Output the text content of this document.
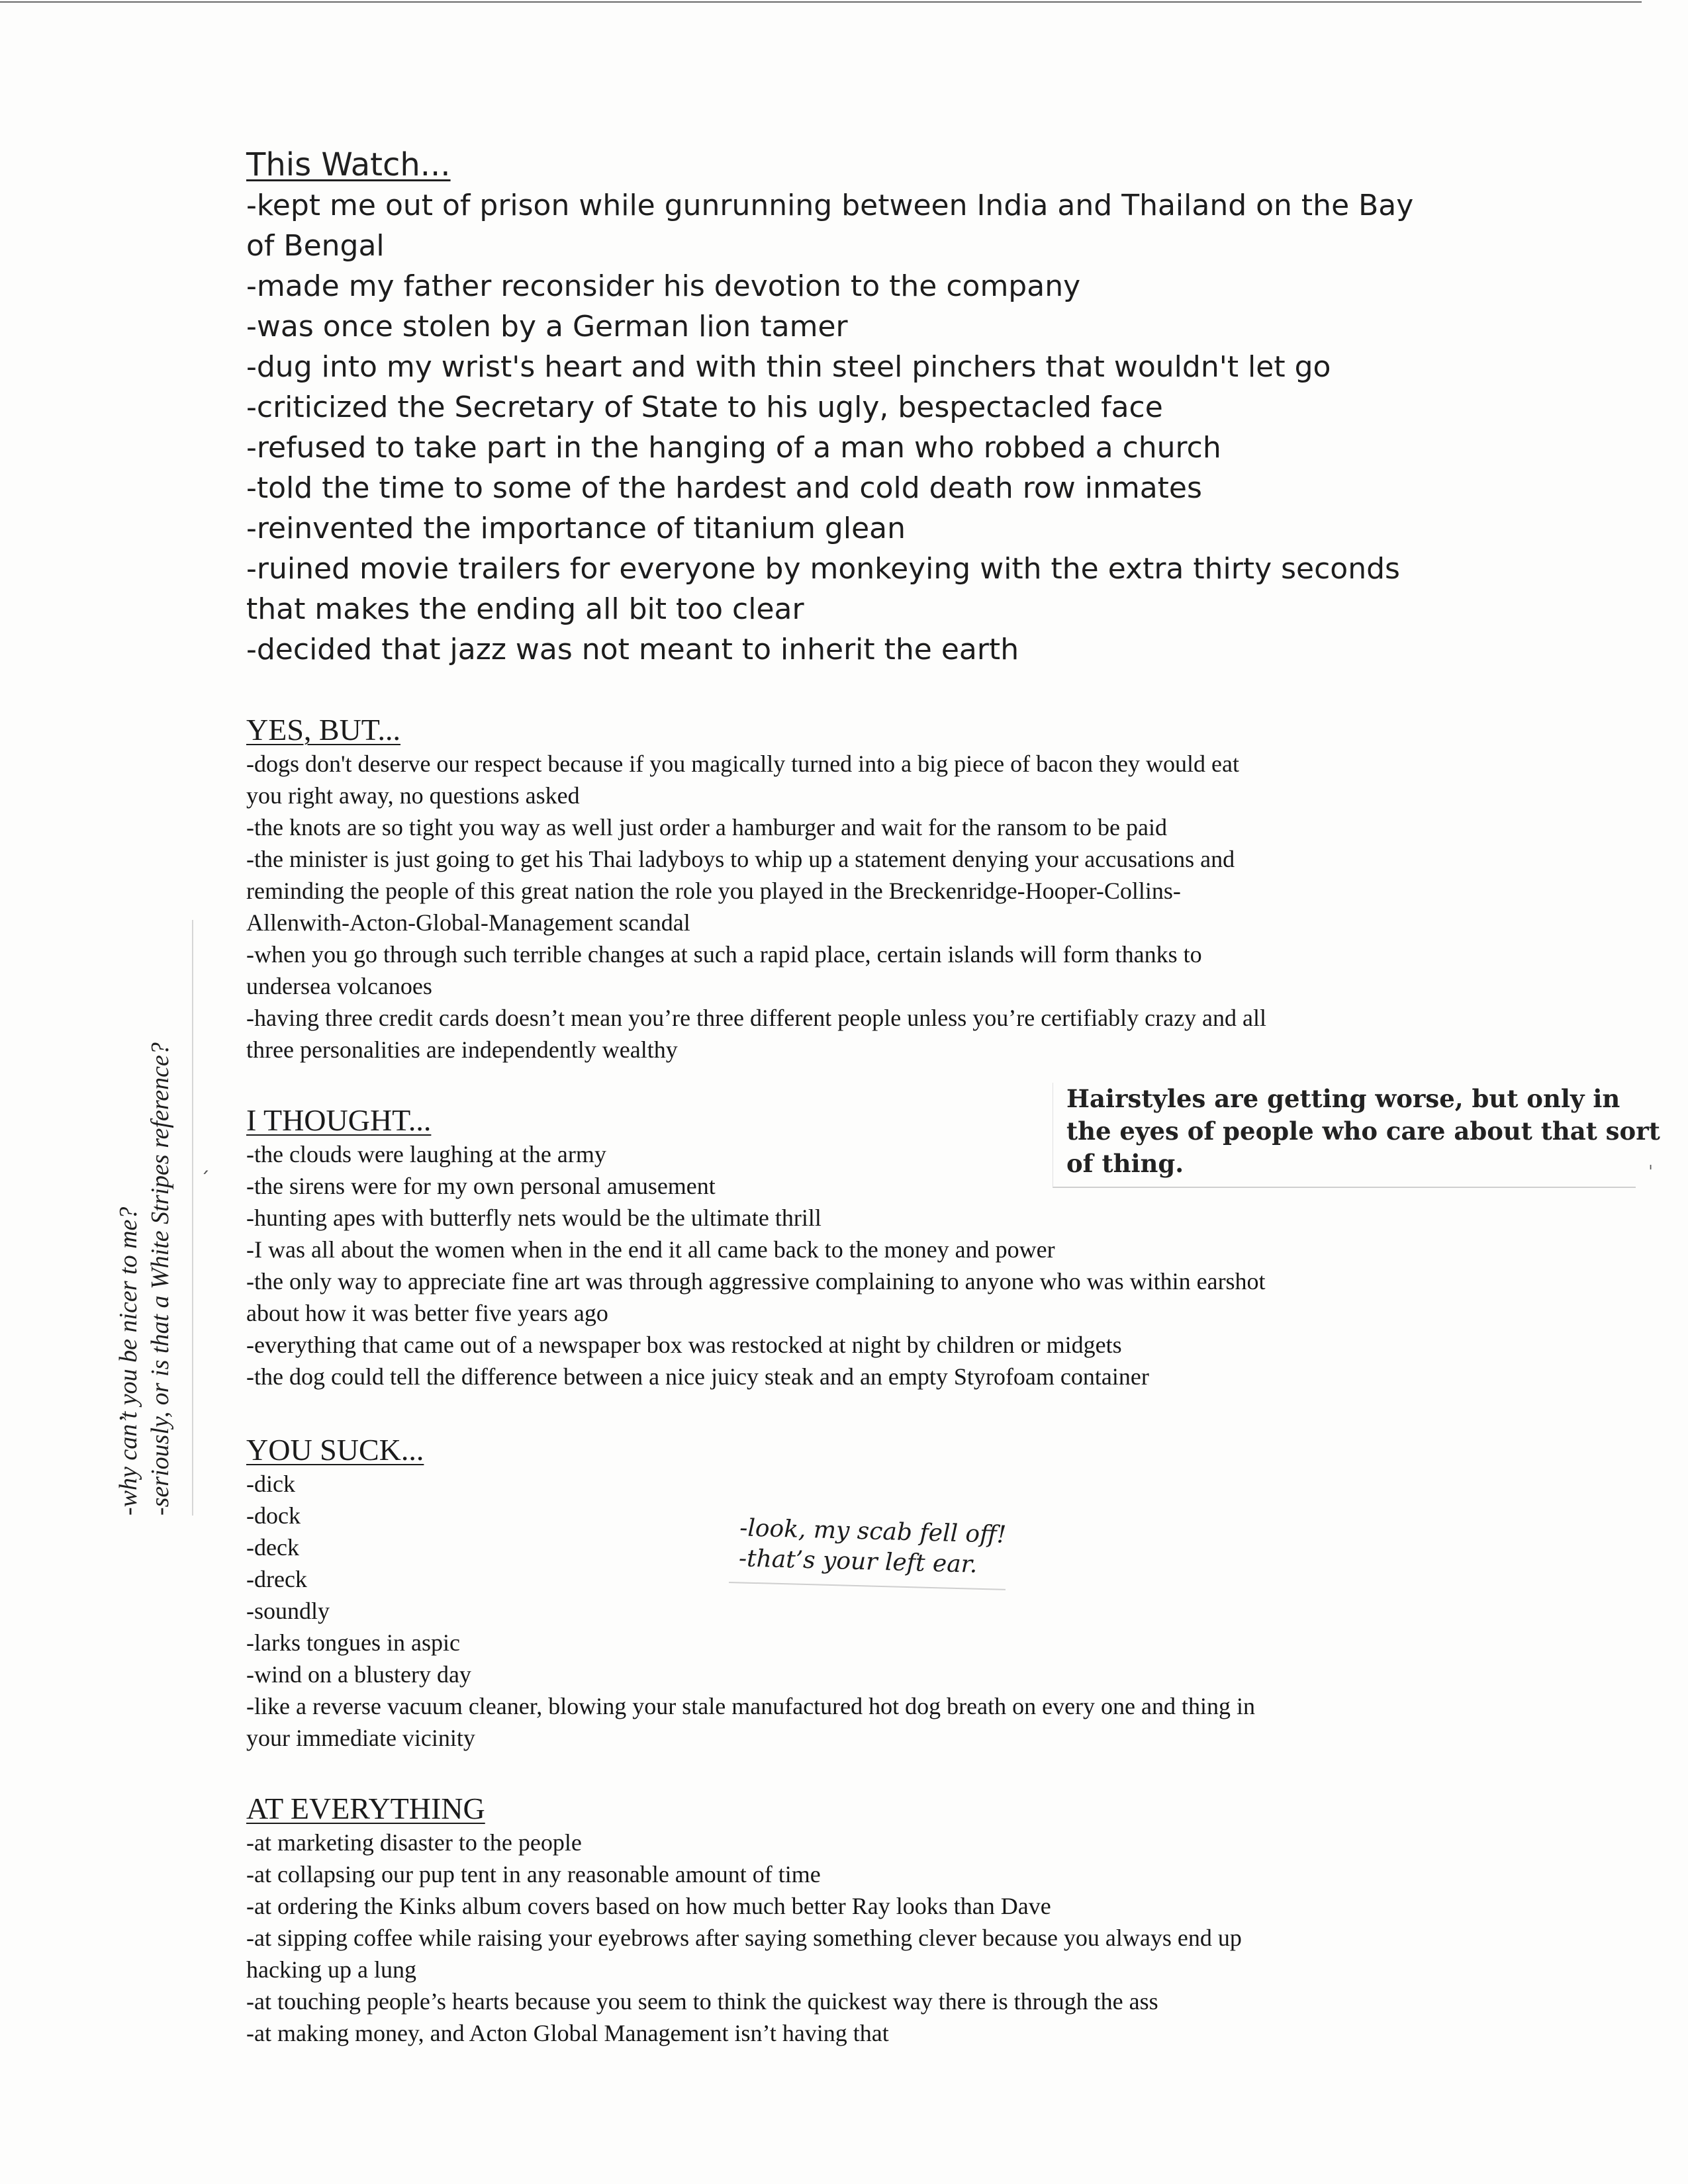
This Watch...

-kept me out of prison while gunrunning between India and Thailand on the Bay

of Bengal

-made my father reconsider his devotion to the company

-was once stolen by a German lion tamer

-dug into my wrist's heart and with thin steel pinchers that wouldn't let go

-criticized the Secretary of State to his ugly, bespectacled face

-refused to take part in the hanging of a man who robbed a church

-told the time to some of the hardest and cold death row inmates

-reinvented the importance of titanium glean

-ruined movie trailers for everyone by monkeying with the extra thirty seconds

that makes the ending all bit too clear

-decided that jazz was not meant to inherit the earth

YES, BUT...

-dogs don't deserve our respect because if you magically turned into a big piece of bacon they would eat

you right away, no questions asked

-the knots are so tight you way as well just order a hamburger and wait for the ransom to be paid

-the minister is just going to get his Thai ladyboys to whip up a statement denying your accusations and

reminding the people of this great nation the role you played in the Breckenridge-Hooper-Collins-

Allenwith-Acton-Global-Management scandal

-when you go through such terrible changes at such a rapid place, certain islands will form thanks to

undersea volcanoes

-having three credit cards doesn’t mean you’re three different people unless you’re certifiably crazy and all

three personalities are independently wealthy

I THOUGHT...

-the clouds were laughing at the army

-the sirens were for my own personal amusement

-hunting apes with butterfly nets would be the ultimate thrill

-I was all about the women when in the end it all came back to the money and power

-the only way to appreciate fine art was through aggressive complaining to anyone who was within earshot

about how it was better five years ago

-everything that came out of a newspaper box was restocked at night by children or midgets

-the dog could tell the difference between a nice juicy steak and an empty Styrofoam container

YOU SUCK...

-dick

-dock

-deck

-dreck

-soundly

-larks tongues in aspic

-wind on a blustery day

-like a reverse vacuum cleaner, blowing your stale manufactured hot dog breath on every one and thing in

your immediate vicinity

AT EVERYTHING

-at marketing disaster to the people

-at collapsing our pup tent in any reasonable amount of time

-at ordering the Kinks album covers based on how much better Ray looks than Dave

-at sipping coffee while raising your eyebrows after saying something clever because you always end up

hacking up a lung

-at touching people’s hearts because you seem to think the quickest way there is through the ass

-at making money, and Acton Global Management isn’t having that

Hairstyles are getting worse, but only in

the eyes of people who care about that sort

of thing.

-look, my scab fell off!

-that’s your left ear.

-why can’t you be nicer to me? -seriously, or is that a White Stripes reference? ˏ	ˌ
